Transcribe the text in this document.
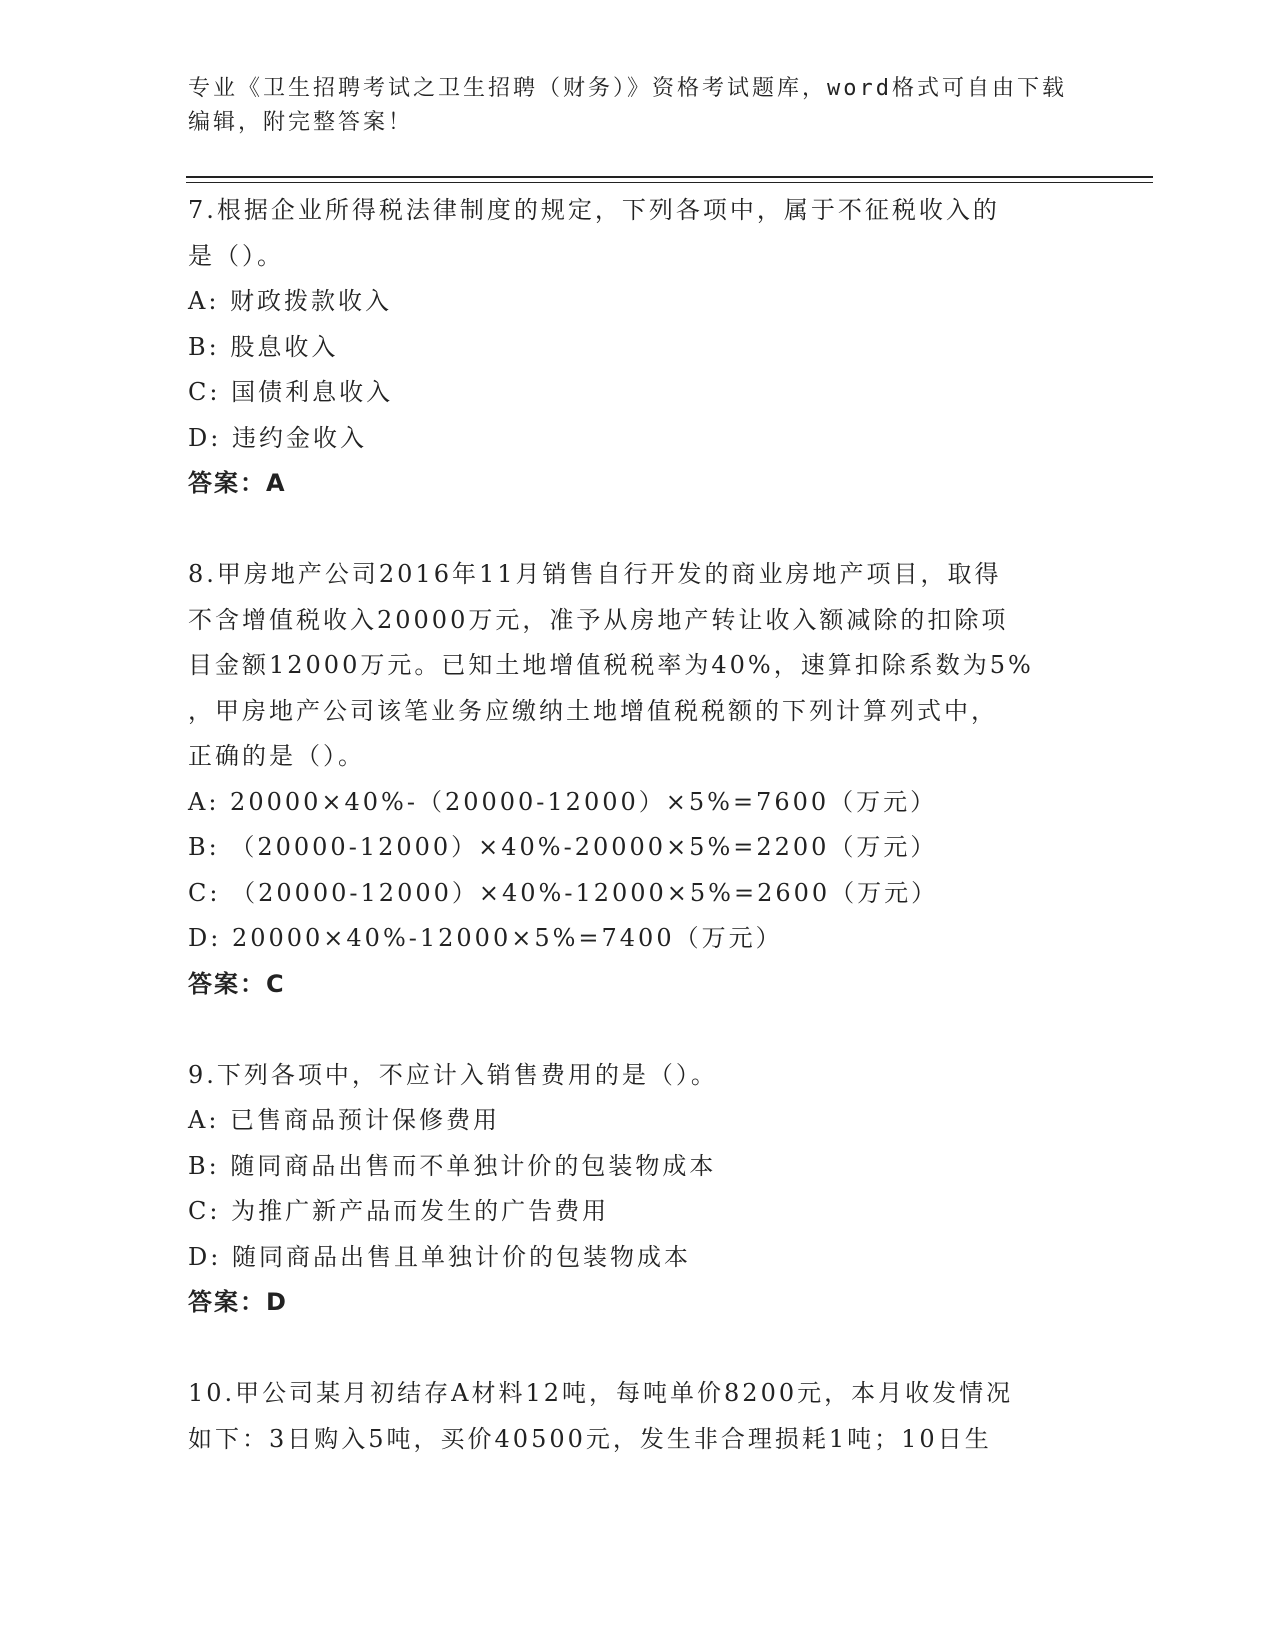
专业《卫生招聘考试之卫生招聘（财务）》资格考试题库，word格式可自由下载
编辑，附完整答案！
7.根据企业所得税法律制度的规定，下列各项中，属于不征税收入的
是（）。
A: 财政拨款收入
B: 股息收入
C: 国债利息收入
D: 违约金收入
答案：A
8.甲房地产公司2016年11月销售自行开发的商业房地产项目，取得
不含增值税收入20000万元，准予从房地产转让收入额减除的扣除项
目金额12000万元。已知土地增值税税率为40%，速算扣除系数为5%
，甲房地产公司该笔业务应缴纳土地增值税税额的下列计算列式中，
正确的是（）。
A: 20000×40%-（20000-12000）×5%=7600（万元）
B: （20000-12000）×40%-20000×5%=2200（万元）
C: （20000-12000）×40%-12000×5%=2600（万元）
D: 20000×40%-12000×5%=7400（万元）
答案：C
9.下列各项中，不应计入销售费用的是（）。
A: 已售商品预计保修费用
B: 随同商品出售而不单独计价的包装物成本
C: 为推广新产品而发生的广告费用
D: 随同商品出售且单独计价的包装物成本
答案：D
10.甲公司某月初结存A材料12吨，每吨单价8200元，本月收发情况
如下：3日购入5吨，买价40500元，发生非合理损耗1吨；10日生
